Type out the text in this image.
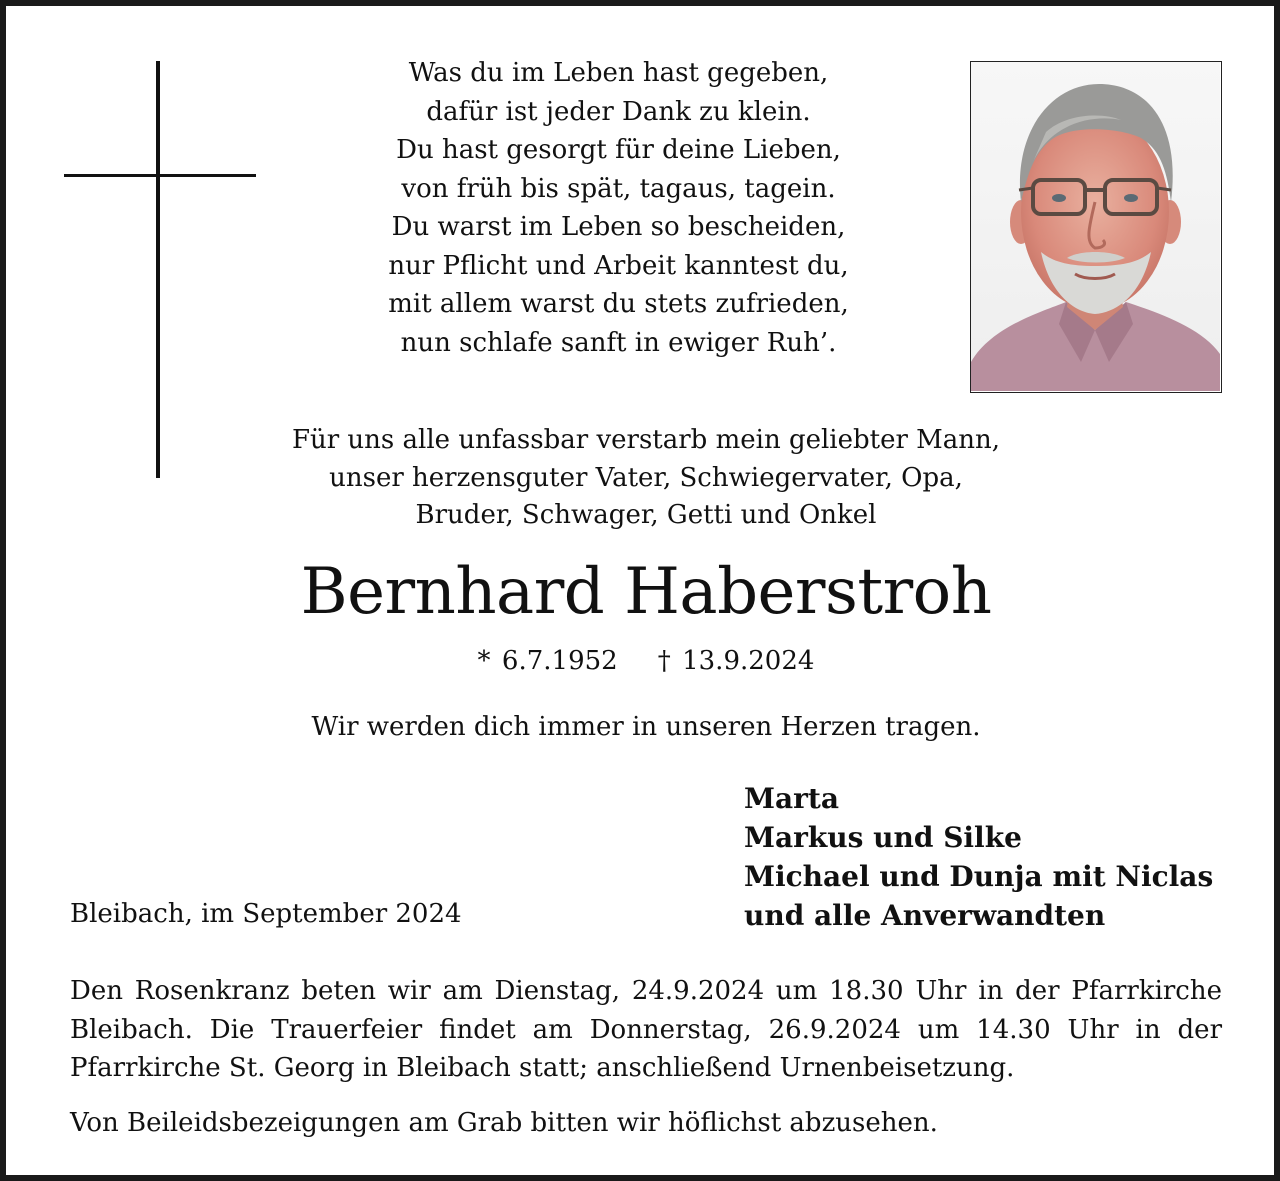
Was du im Leben hast gegeben,
dafür ist jeder Dank zu klein.
Du hast gesorgt für deine Lieben,
von früh bis spät, tagaus, tagein.
Du warst im Leben so bescheiden,
nur Pflicht und Arbeit kanntest du,
mit allem warst du stets zufrieden,
nun schlafe sanft in ewiger Ruh’.
Für uns alle unfassbar verstarb mein geliebter Mann,
unser herzensguter Vater, Schwiegervater, Opa,
Bruder, Schwager, Getti und Onkel
Bernhard Haberstroh
* 6.7.1952 † 13.9.2024
Wir werden dich immer in unseren Herzen tragen.
Marta
Markus und Silke
Michael und Dunja mit Niclas
und alle Anverwandten
Bleibach, im September 2024
Den Rosenkranz beten wir am Dienstag, 24.9.2024 um 18.30 Uhr in der Pfarrkirche Bleibach. Die Trauerfeier findet am Donnerstag, 26.9.2024 um 14.30 Uhr in der Pfarrkirche St. Georg in Bleibach statt; anschließend Urnenbeisetzung.
Von Beileidsbezeigungen am Grab bitten wir höflichst abzusehen.
